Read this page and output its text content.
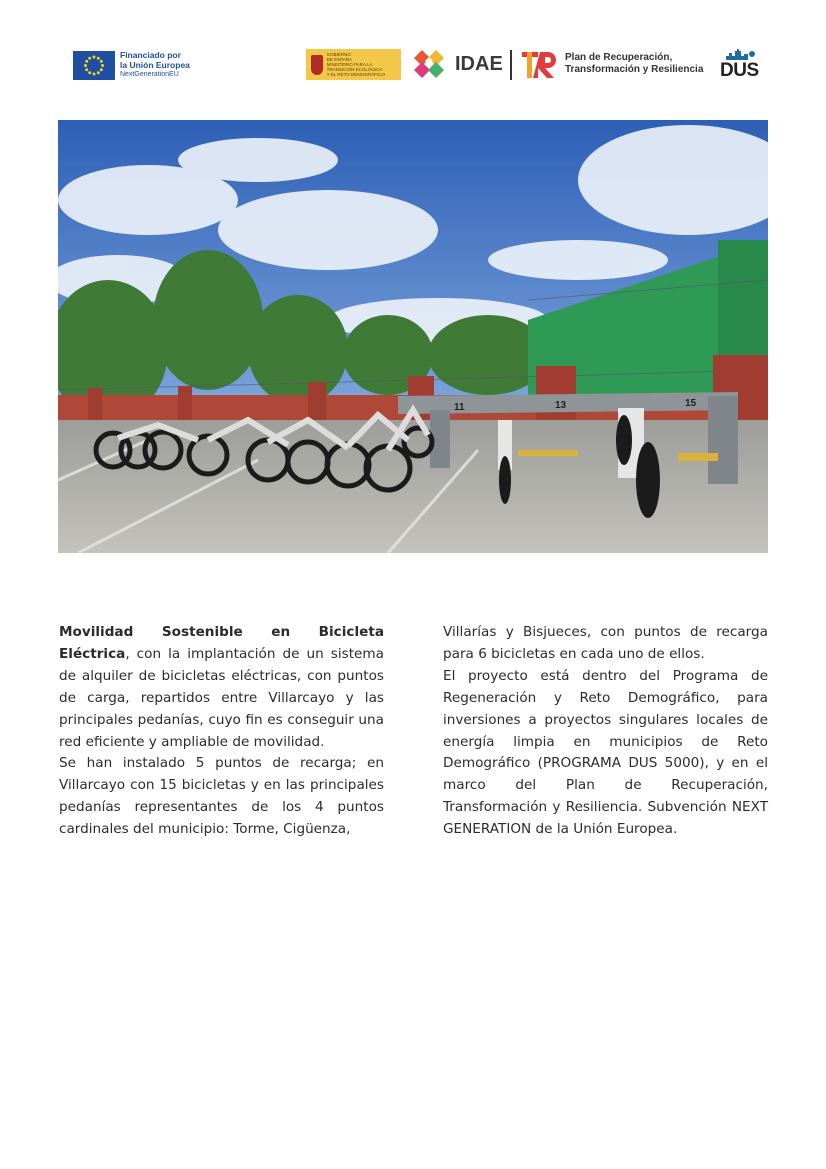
Financiado por
la Unión Europea
NextGenerationEU
GOBIERNO
DE ESPAÑA
MINISTERIO PARA LA TRANSICIÓN ECOLÓGICA
Y EL RETO DEMOGRÁFICO	IDAE	Plan de Recuperación,
Transformación y Resiliencia DUS
11	13	15

Movilidad Sostenible en Bicicleta Eléctrica, con la implantación de un sistema de alquiler de bicicletas eléctricas, con puntos de carga, repartidos entre Villarcayo y las principales pedanías, cuyo fin es conseguir una red eficiente y ampliable de movilidad.

Se han instalado 5 puntos de recarga; en Villarcayo con 15 bicicletas y en las principales pedanías representantes de los 4 puntos cardinales del municipio: Torme, Cigüenza,

Villarías y Bisjueces, con puntos de recarga para 6 bicicletas en cada uno de ellos.

El proyecto está dentro del Programa de Regeneración y Reto Demográfico, para inversiones a proyectos singulares locales de energía limpia en municipios de Reto Demográfico (PROGRAMA DUS 5000), y en el marco del Plan de Recuperación, Transformación y Resiliencia. Subvención NEXT GENERATION de la Unión Europea.
